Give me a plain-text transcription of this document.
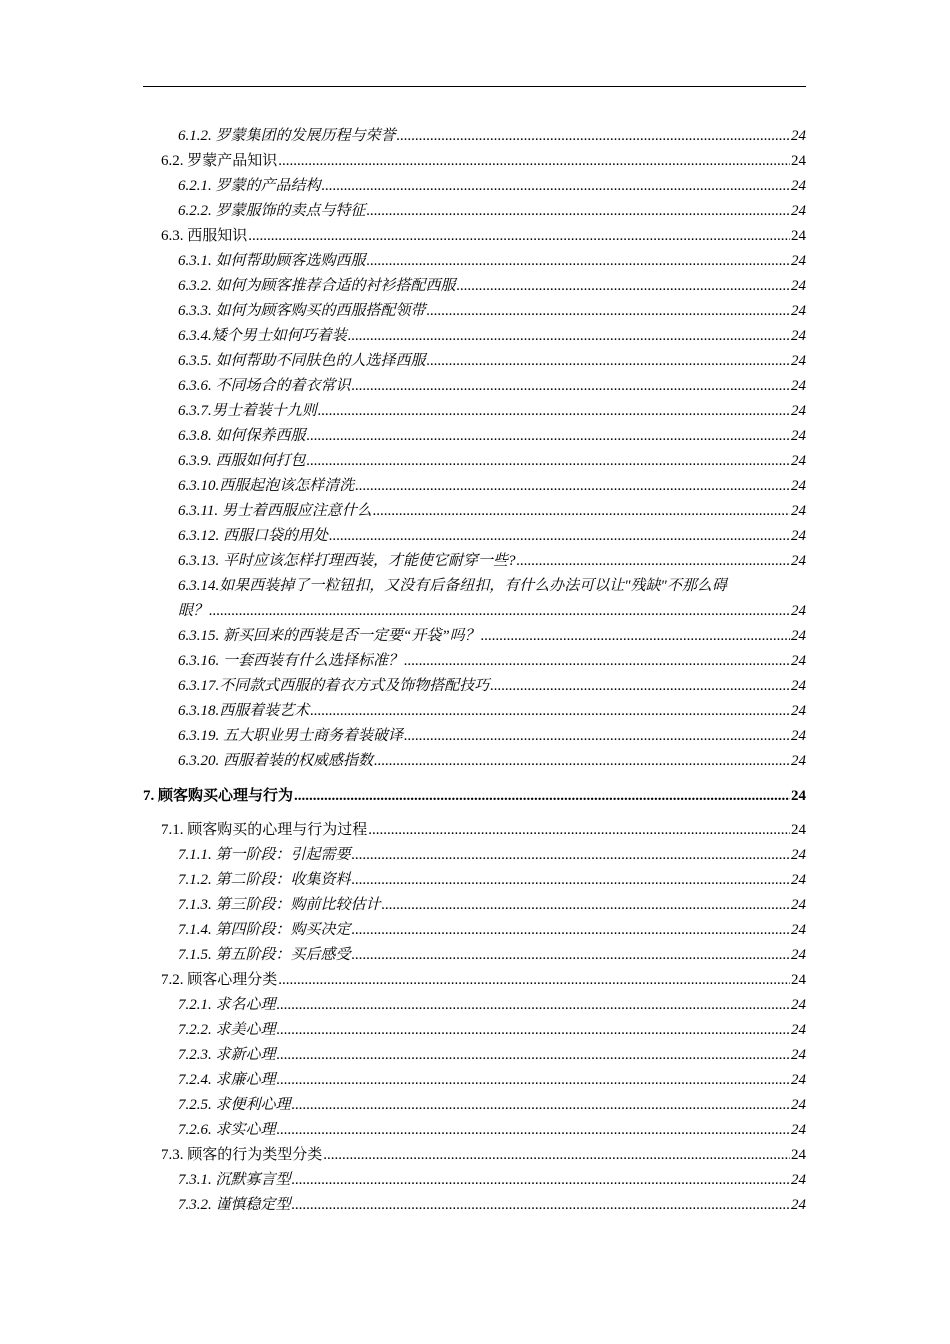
6.1.2. 罗蒙集团的发展历程与荣誉 .....	24
6.2. 罗蒙产品知识 .....	24
6.2.1. 罗蒙的产品结构 .....	24
6.2.2. 罗蒙服饰的卖点与特征 .....	24
6.3. 西服知识 .....	24
6.3.1. 如何帮助顾客选购西服 .....	24
6.3.2. 如何为顾客推荐合适的衬衫搭配西服 .....	24
6.3.3. 如何为顾客购买的西服搭配领带 .....	24
6.3.4.矮个男士如何巧着装 .....	24
6.3.5. 如何帮助不同肤色的人选择西服 .....	24
6.3.6. 不同场合的着衣常识 .....	24
6.3.7.男士着装十九则 .....	24
6.3.8. 如何保养西服 .....	24
6.3.9. 西服如何打包 .....	24
6.3.10.西服起泡该怎样清洗 .....	24
6.3.11. 男士着西服应注意什么 .....	24
6.3.12. 西服口袋的用处 .....	24
6.3.13. 平时应该怎样打理西装，才能使它耐穿一些? .....	24
6.3.14.如果西装掉了一粒钮扣，又没有后备纽扣，有什么办法可以让"残缺"不那么碍
眼？ .....	24
6.3.15. 新买回来的西装是否一定要“开袋”吗？ .....	24
6.3.16. 一套西装有什么选择标准？ .....	24
6.3.17.不同款式西服的着衣方式及饰物搭配技巧 .....	24
6.3.18.西服着装艺术 .....	24
6.3.19. 五大职业男士商务着装破译 .....	24
6.3.20. 西服着装的权威感指数 .....	24
7. 顾客购买心理与行为 .....	24
7.1. 顾客购买的心理与行为过程 .....	24
7.1.1. 第一阶段：引起需要 .....	24
7.1.2. 第二阶段：收集资料 .....	24
7.1.3. 第三阶段：购前比较估计 .....	24
7.1.4. 第四阶段：购买决定 .....	24
7.1.5. 第五阶段：买后感受 .....	24
7.2. 顾客心理分类 .....	24
7.2.1. 求名心理 .....	24
7.2.2. 求美心理 .....	24
7.2.3. 求新心理 .....	24
7.2.4. 求廉心理 .....	24
7.2.5. 求便利心理 .....	24
7.2.6. 求实心理 .....	24
7.3. 顾客的行为类型分类 .....	24
7.3.1. 沉默寡言型 .....	24
7.3.2. 谨慎稳定型 .....	24
